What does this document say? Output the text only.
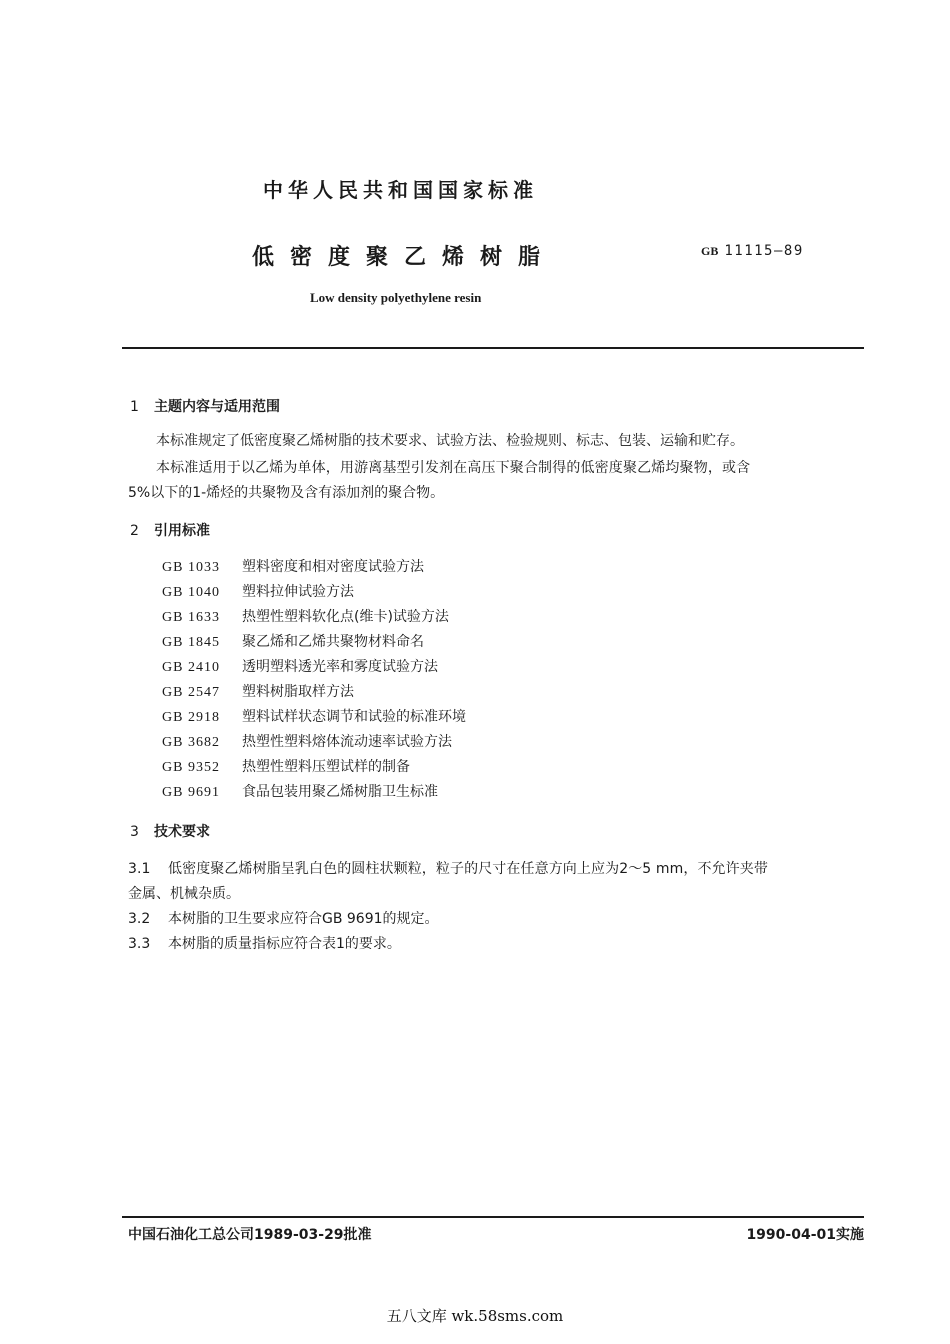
中华人民共和国国家标准
低密度聚乙烯树脂	GB 11115—89
Low density polyethylene resin
1 主题内容与适用范围
本标准规定了低密度聚乙烯树脂的技术要求、试验方法、检验规则、标志、包装、运输和贮存。
本标准适用于以乙烯为单体，用游离基型引发剂在高压下聚合制得的低密度聚乙烯均聚物，或含
5%以下的1-烯烃的共聚物及含有添加剂的聚合物。
2 引用标准
GB 1033 塑料密度和相对密度试验方法
GB 1040 塑料拉伸试验方法
GB 1633 热塑性塑料软化点(维卡)试验方法
GB 1845 聚乙烯和乙烯共聚物材料命名
GB 2410 透明塑料透光率和雾度试验方法
GB 2547 塑料树脂取样方法
GB 2918 塑料试样状态调节和试验的标准环境
GB 3682 热塑性塑料熔体流动速率试验方法
GB 9352 热塑性塑料压塑试样的制备
GB 9691 食品包装用聚乙烯树脂卫生标准
3 技术要求
3.1 低密度聚乙烯树脂呈乳白色的圆柱状颗粒，粒子的尺寸在任意方向上应为2～5 mm，不允许夹带
金属、机械杂质。
3.2 本树脂的卫生要求应符合GB 9691的规定。
3.3 本树脂的质量指标应符合表1的要求。
中国石油化工总公司1989-03-29批准	1990-04-01实施
五八文库 wk.58sms.com
